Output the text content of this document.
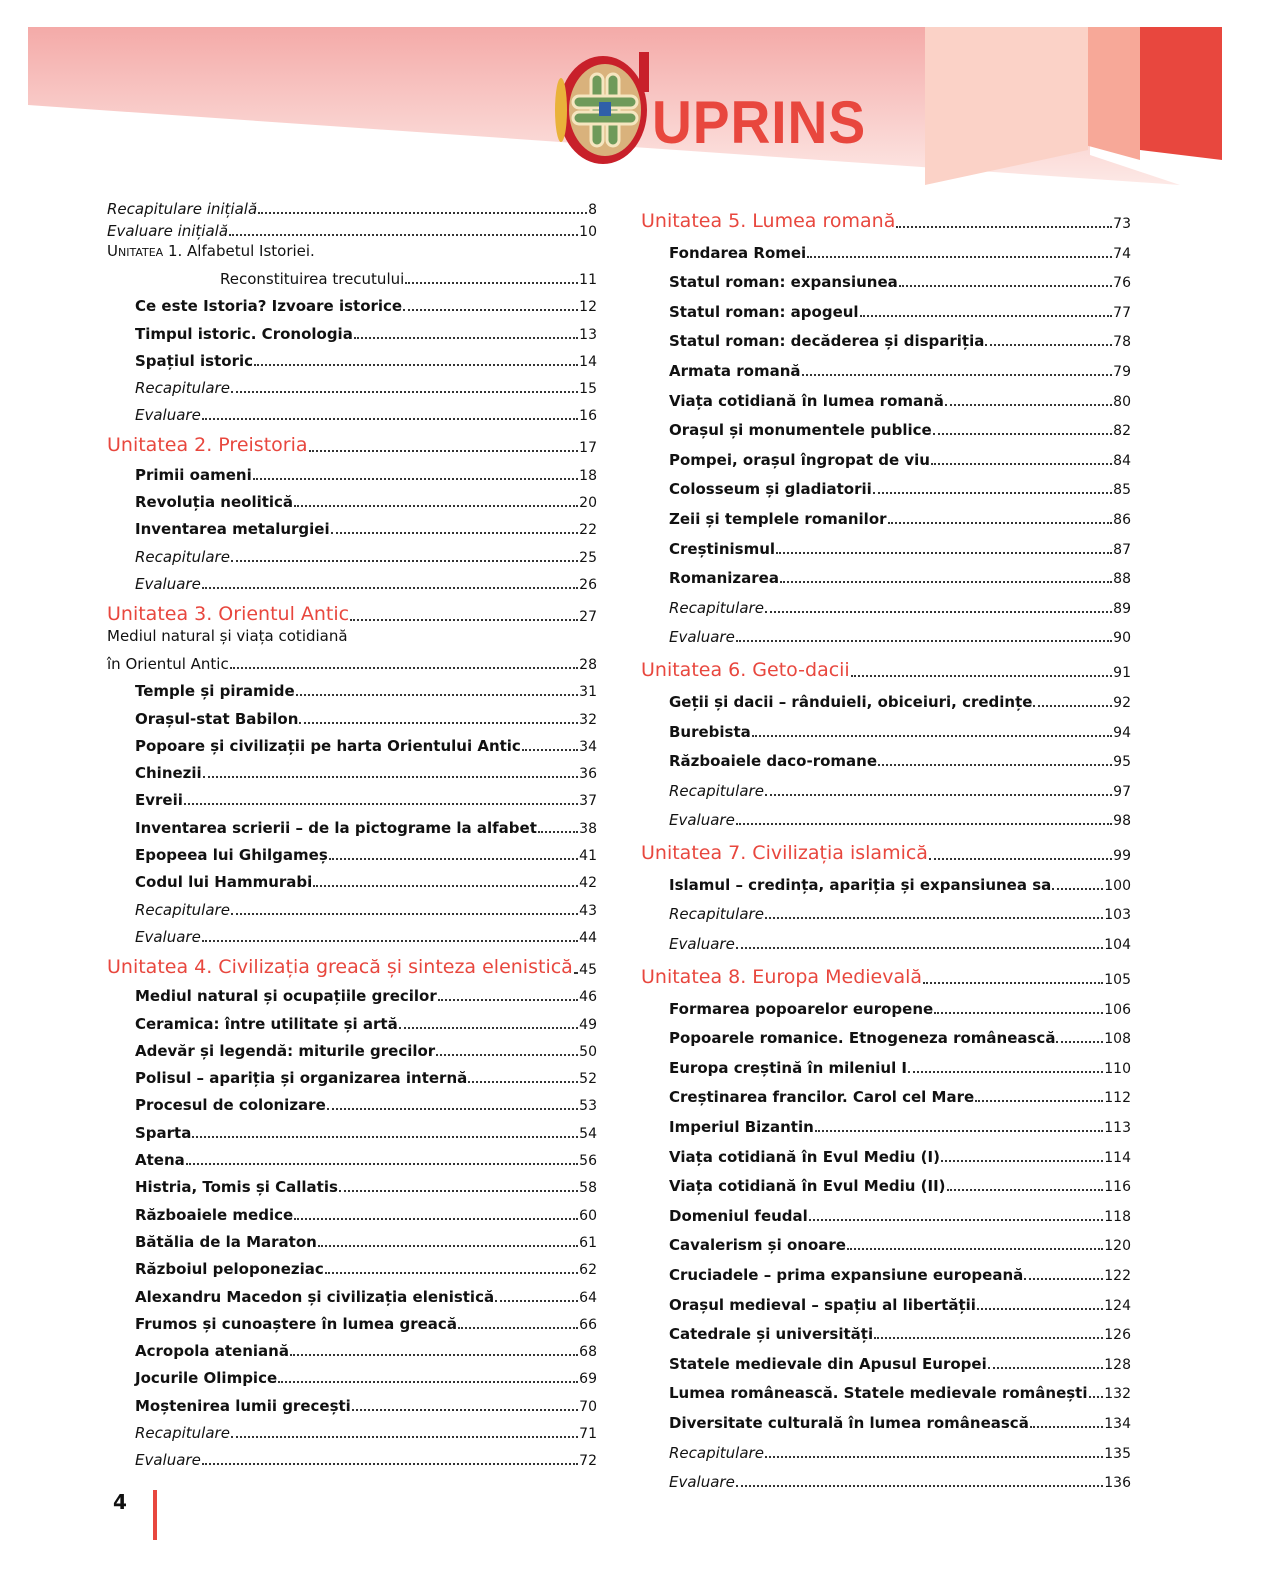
UPRINS
Recapitulare inițială	8
Evaluare inițială	10
Unitatea 1. Alfabetul Istoriei.
Reconstituirea trecutului	11
Ce este Istoria? Izvoare istorice	12
Timpul istoric. Cronologia	13
Spațiul istoric	14
Recapitulare	15
Evaluare	16
Unitatea 2. Preistoria	17
Primii oameni	18
Revoluția neolitică	20
Inventarea metalurgiei	22
Recapitulare	25
Evaluare	26
Unitatea 3. Orientul Antic	27
Mediul natural și viața cotidiană
în Orientul Antic	28
Temple și piramide	31
Orașul-stat Babilon	32
Popoare și civilizații pe harta Orientului Antic	34
Chinezii	36
Evreii	37
Inventarea scrierii – de la pictograme la alfabet	38
Epopeea lui Ghilgameș	41
Codul lui Hammurabi	42
Recapitulare	43
Evaluare	44
Unitatea 4. Civilizația greacă și sinteza elenistică 45
Mediul natural și ocupațiile grecilor	46
Ceramica: între utilitate și artă	49
Adevăr și legendă: miturile grecilor	50
Polisul – apariția și organizarea internă	52
Procesul de colonizare	53
Sparta	54
Atena	56
Histria, Tomis și Callatis	58
Războaiele medice	60
Bătălia de la Maraton	61
Războiul peloponeziac	62
Alexandru Macedon și civilizația elenistică	64
Frumos și cunoaștere în lumea greacă	66
Acropola ateniană	68
Jocurile Olimpice	69
Moștenirea lumii grecești	70
Recapitulare	71
Evaluare	72
Unitatea 5. Lumea romană	73
Fondarea Romei	74
Statul roman: expansiunea	76
Statul roman: apogeul	77
Statul roman: decăderea și dispariția	78
Armata romană	79
Viața cotidiană în lumea romană	80
Orașul și monumentele publice	82
Pompei, orașul îngropat de viu	84
Colosseum și gladiatorii	85
Zeii și templele romanilor	86
Creștinismul	87
Romanizarea	88
Recapitulare	89
Evaluare	90
Unitatea 6. Geto-dacii	91
Geții și dacii – rânduieli, obiceiuri, credințe	92
Burebista	94
Războaiele daco-romane	95
Recapitulare	97
Evaluare	98
Unitatea 7. Civilizația islamică	99
Islamul – credința, apariția și expansiunea sa	100
Recapitulare	103
Evaluare	104
Unitatea 8. Europa Medievală	105
Formarea popoarelor europene	106
Popoarele romanice. Etnogeneza românească	108
Europa creștină în mileniul I	110
Creștinarea francilor. Carol cel Mare	112
Imperiul Bizantin	113
Viața cotidiană în Evul Mediu (I)	114
Viața cotidiană în Evul Mediu (II)	116
Domeniul feudal	118
Cavalerism și onoare	120
Cruciadele – prima expansiune europeană	122
Orașul medieval – spațiu al libertății	124
Catedrale și universități	126
Statele medievale din Apusul Europei	128
Lumea românească. Statele medievale românești 132
Diversitate culturală în lumea românească	134
Recapitulare	135
Evaluare	136
4
